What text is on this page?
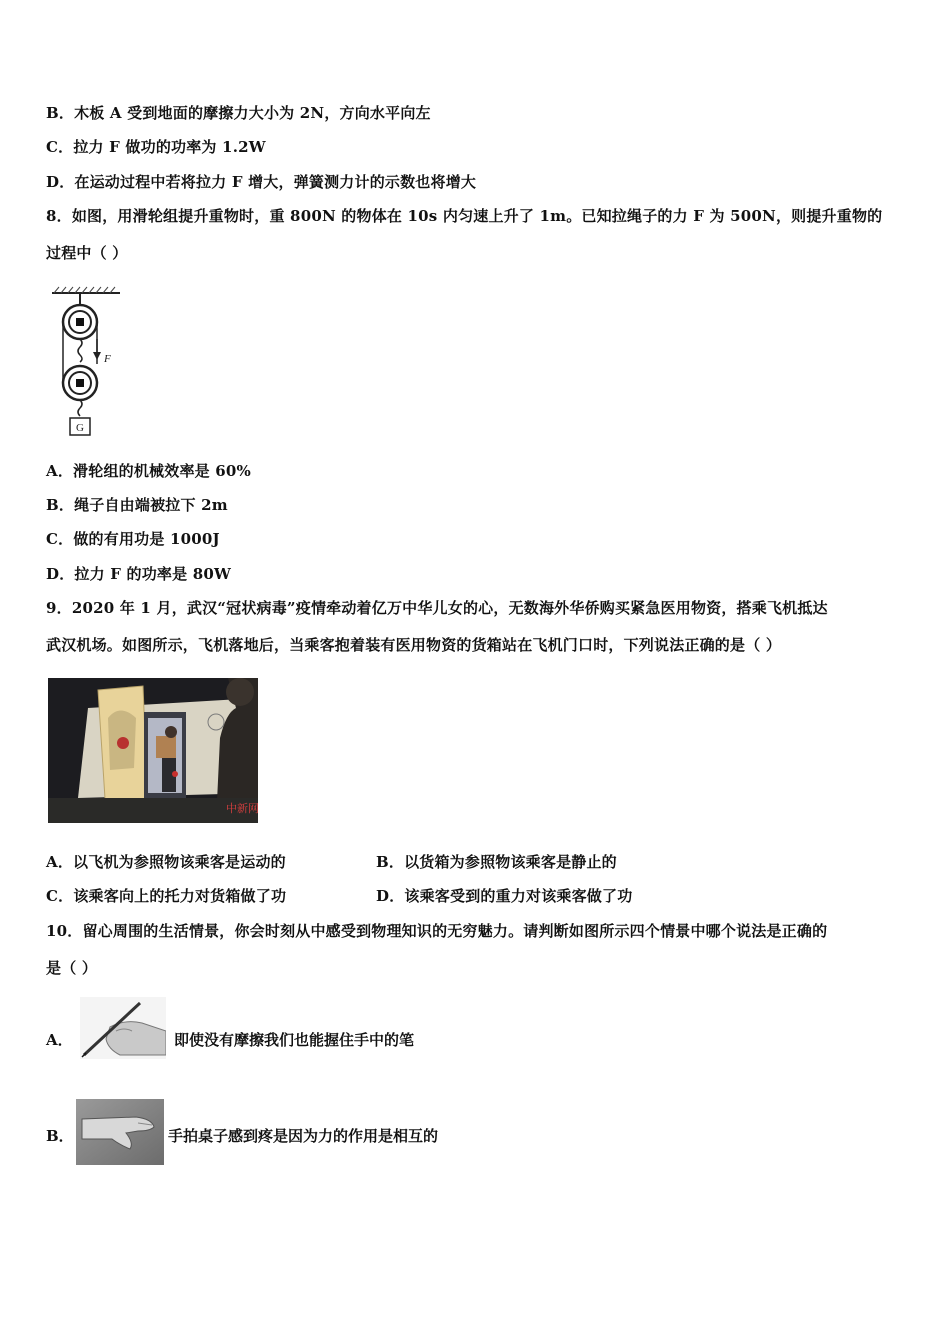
B．木板 A 受到地面的摩擦力大小为 2N，方向水平向左
C．拉力 F 做功的功率为 1.2W
D．在运动过程中若将拉力 F 增大，弹簧测力计的示数也将增大
8．如图，用滑轮组提升重物时，重 800N 的物体在 10s 内匀速上升了 1m。已知拉绳子的力 F 为 500N，则提升重物的
过程中（ ）
G
F
A．滑轮组的机械效率是 60%
B．绳子自由端被拉下 2m
C．做的有用功是 1000J
D．拉力 F 的功率是 80W
9．2020 年 1 月，武汉“冠状病毒”疫情牵动着亿万中华儿女的心，无数海外华侨购买紧急医用物资，搭乘飞机抵达
武汉机场。如图所示，飞机落地后，当乘客抱着装有医用物资的货箱站在飞机门口时，下列说法正确的是（ ）
中新网
A．以飞机为参照物该乘客是运动的	B．以货箱为参照物该乘客是静止的
C．该乘客向上的托力对货箱做了功	D．该乘客受到的重力对该乘客做了功
10．留心周围的生活情景，你会时刻从中感受到物理知识的无穷魅力。请判断如图所示四个情景中哪个说法是正确的
是（ ）
A．	即使没有摩擦我们也能握住手中的笔
B．	手拍桌子感到疼是因为力的作用是相互的
